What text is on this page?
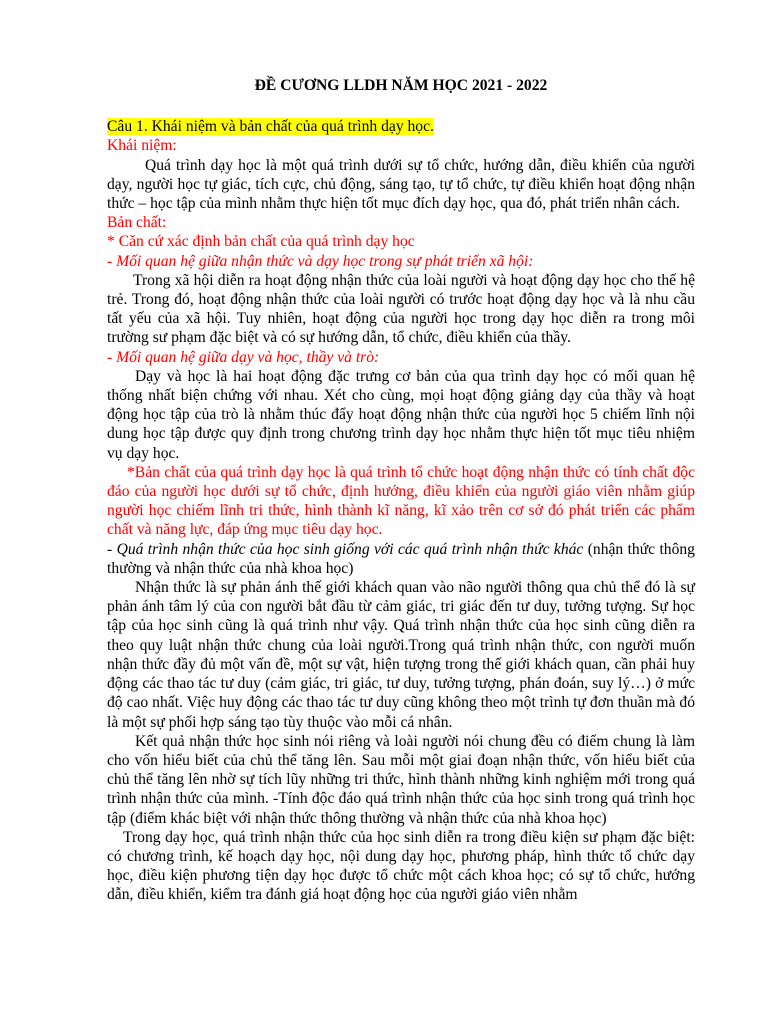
ĐỀ CƯƠNG LLDH NĂM HỌC 2021 - 2022

Câu 1. Khái niệm và bản chất của quá trình dạy học.

Khái niệm:

Quá trình dạy học là một quá trình dưới sự tổ chức, hướng dẫn, điều khiển của người dạy, người học tự giác, tích cực, chủ động, sáng tạo, tự tổ chức, tự điều khiển hoạt động nhận thức – học tập của mình nhằm thực hiện tốt mục đích dạy học, qua đó, phát triển nhân cách.

Bản chất:

* Căn cứ xác định bản chất của quá trình dạy học

- Mối quan hệ giữa nhận thức và dạy học trong sự phát triển xã hội:

Trong xã hội diễn ra hoạt động nhận thức của loài người và hoạt động dạy học cho thế hệ trẻ. Trong đó, hoạt động nhận thức của loài người có trước hoạt động dạy học và là nhu cầu tất yếu của xã hội. Tuy nhiên, hoạt động của người học trong dạy học diễn ra trong môi trường sư phạm đặc biệt và có sự hướng dẫn, tổ chức, điều khiển của thầy.

- Mối quan hệ giữa dạy và học, thầy và trò:

Dạy và học là hai hoạt động đặc trưng cơ bản của qua trình dạy học có mối quan hệ thống nhất biện chứng với nhau. Xét cho cùng, mọi hoạt động giảng dạy của thầy và hoạt động học tập của trò là nhằm thúc đẩy hoạt động nhận thức của người học 5 chiếm lĩnh nội dung học tập được quy định trong chương trình dạy học nhằm thực hiện tốt mục tiêu nhiệm vụ dạy học.

*Bản chất của quá trình dạy học là quá trình tổ chức hoạt động nhận thức có tính chất độc đáo của người học dưới sự tổ chức, định hướng, điều khiển của người giáo viên nhằm giúp người học chiếm lĩnh tri thức, hình thành kĩ năng, kĩ xảo trên cơ sở đó phát triển các phẩm chất và năng lực, đáp ứng mục tiêu dạy học.

- Quá trình nhận thức của học sinh giống với các quá trình nhận thức khác (nhận thức thông thường và nhận thức của nhà khoa học)

Nhận thức là sự phản ánh thế giới khách quan vào não người thông qua chủ thể đó là sự phản ánh tâm lý của con người bắt đầu từ cảm giác, tri giác đến tư duy, tưởng tượng. Sự học tập của học sinh cũng là quá trình như vậy. Quá trình nhận thức của học sinh cũng diễn ra theo quy luật nhận thức chung của loài người.Trong quá trình nhận thức, con người muốn nhận thức đầy đủ một vấn đề, một sự vật, hiện tượng trong thế giới khách quan, cần phải huy động các thao tác tư duy (cảm giác, tri giác, tư duy, tưởng tượng, phán đoán, suy lý…) ở mức độ cao nhất. Việc huy động các thao tác tư duy cũng không theo một trình tự đơn thuần mà đó là một sự phối hợp sáng tạo tùy thuộc vào mỗi cá nhân.

Kết quả nhận thức học sinh nói riêng và loài người nói chung đều có điểm chung là làm cho vốn hiểu biết của chủ thể tăng lên. Sau mỗi một giai đoạn nhận thức, vốn hiểu biết của chủ thể tăng lên nhờ sự tích lũy những tri thức, hình thành những kinh nghiệm mới trong quá trình nhận thức của mình. -Tính độc đáo quá trình nhận thức của học sinh trong quá trình học tập (điểm khác biệt với nhận thức thông thường và nhận thức của nhà khoa học)

Trong dạy học, quá trình nhận thức của học sinh diễn ra trong điều kiện sư phạm đặc biệt: có chương trình, kế hoạch dạy học, nội dung dạy học, phương pháp, hình thức tổ chức dạy học, điều kiện phương tiện dạy học được tổ chức một cách khoa học; có sự tổ chức, hướng dẫn, điều khiển, kiểm tra đánh giá hoạt động học của người giáo viên nhằm
